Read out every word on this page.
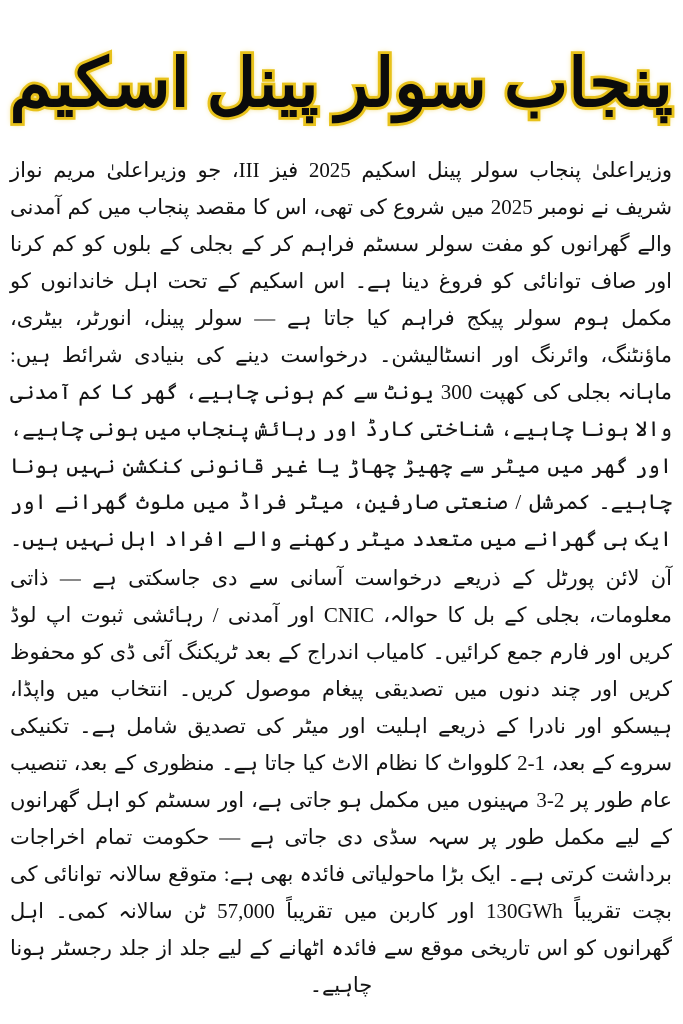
پنجاب سولر پینل اسکیم

وزیراعلیٰ پنجاب سولر پینل اسکیم 2025 فیز III، جو وزیراعلیٰ مریم نواز شریف نے نومبر 2025 میں شروع کی تھی، اس کا مقصد پنجاب میں کم آمدنی والے گھرانوں کو مفت سولر سسٹم فراہم کر کے بجلی کے بلوں کو کم کرنا اور صاف توانائی کو فروغ دینا ہے۔ اس اسکیم کے تحت اہل خاندانوں کو مکمل ہوم سولر پیکج فراہم کیا جاتا ہے — سولر پینل، انورٹر، بیٹری، ماؤنٹنگ، وائرنگ اور انسٹالیشن۔ درخواست دینے کی بنیادی شرائط ہیں: ماہانہ بجلی کی کھپت 300 یونٹ سے کم ہونی چاہیے، گھر کا کم آمدنی والا ہونا چاہیے، شناختی کارڈ اور رہائش پنجاب میں ہونی چاہیے، اور گھر میں میٹر سے چھیڑ چھاڑ یا غیر قانونی کنکشن نہیں ہونا چاہیے۔ کمرشل / صنعتی صارفین، میٹر فراڈ میں ملوث گھرانے اور ایک ہی گھرانے میں متعدد میٹر رکھنے والے افراد اہل نہیں ہیں۔

آن لائن پورٹل کے ذریعے درخواست آسانی سے دی جاسکتی ہے — ذاتی معلومات، بجلی کے بل کا حوالہ، CNIC اور آمدنی / رہائشی ثبوت اپ لوڈ کریں اور فارم جمع کرائیں۔ کامیاب اندراج کے بعد ٹریکنگ آئی ڈی کو محفوظ کریں اور چند دنوں میں تصدیقی پیغام موصول کریں۔ انتخاب میں واپڈا، ہیسکو اور نادرا کے ذریعے اہلیت اور میٹر کی تصدیق شامل ہے۔ تکنیکی سروے کے بعد، 1-2 کلوواٹ کا نظام الاٹ کیا جاتا ہے۔ منظوری کے بعد، تنصیب عام طور پر 2-3 مہینوں میں مکمل ہو جاتی ہے، اور سسٹم کو اہل گھرانوں کے لیے مکمل طور پر سہہ سڈی دی جاتی ہے — حکومت تمام اخراجات برداشت کرتی ہے۔ ایک بڑا ماحولیاتی فائدہ بھی ہے: متوقع سالانہ توانائی کی بچت تقریباً 130GWh اور کاربن میں تقریباً 57,000 ٹن سالانہ کمی۔ اہل گھرانوں کو اس تاریخی موقع سے فائدہ اٹھانے کے لیے جلد از جلد رجسٹر ہونا چاہیے۔
